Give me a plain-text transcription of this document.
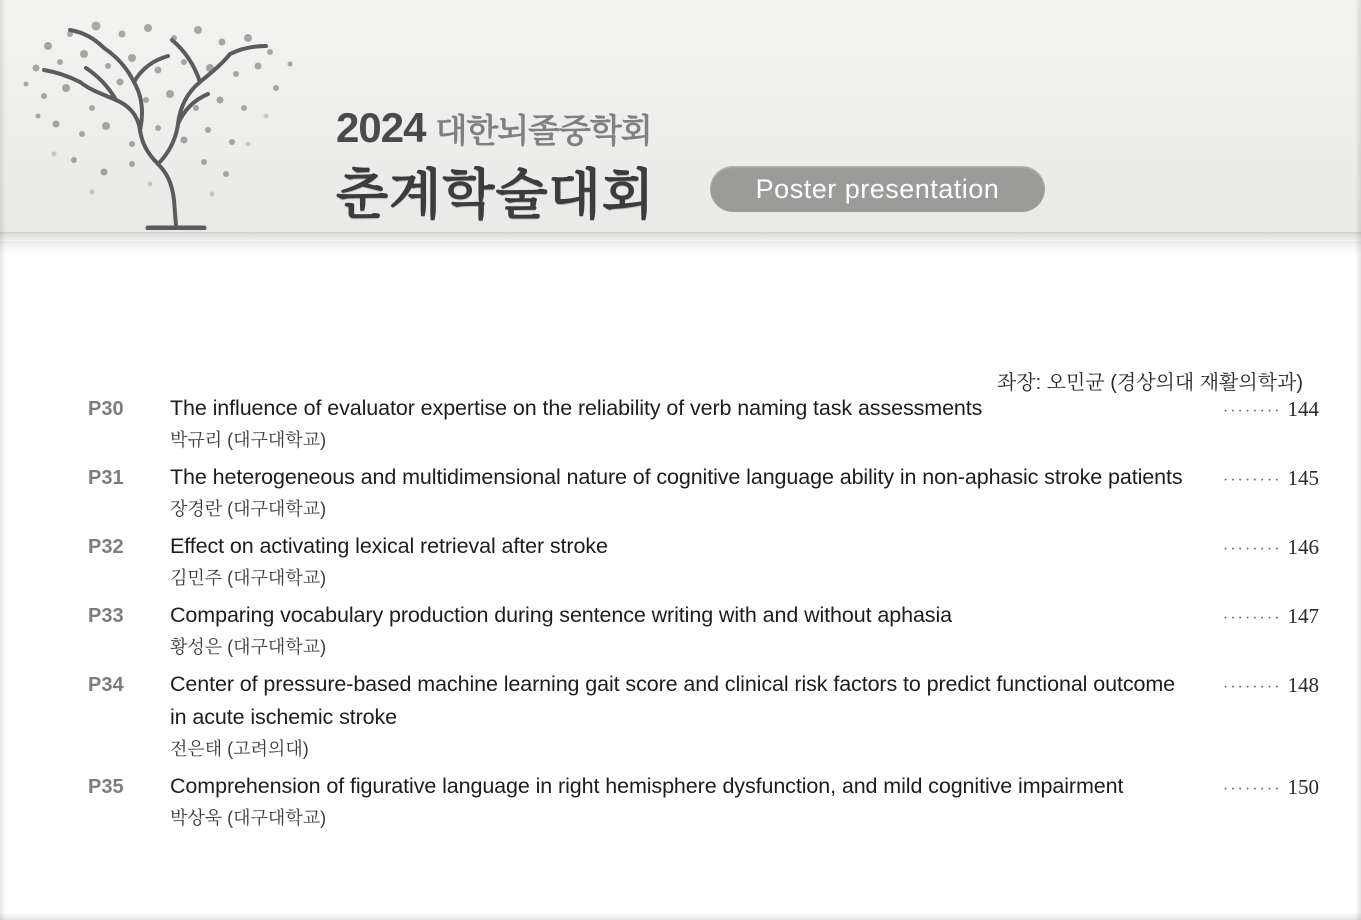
2024 대한뇌졸중학회
춘계학술대회	Poster presentation
좌장: 오민균 (경상의대 재활의학과)
P30	The influence of evaluator expertise on the reliability of verb naming task assessments
박규리 (대구대학교)
········ 144
P31	The heterogeneous and multidimensional nature of cognitive language ability in non-aphasic stroke patients
장경란 (대구대학교)
········ 145
P32	Effect on activating lexical retrieval after stroke
김민주 (대구대학교)
········ 146
P33	Comparing vocabulary production during sentence writing with and without aphasia
황성은 (대구대학교)
········ 147
P34	Center of pressure-based machine learning gait score and clinical risk factors to predict functional outcome in acute ischemic stroke
전은태 (고려의대)
········ 148
P35	Comprehension of figurative language in right hemisphere dysfunction, and mild cognitive impairment
박상욱 (대구대학교)
········ 150
